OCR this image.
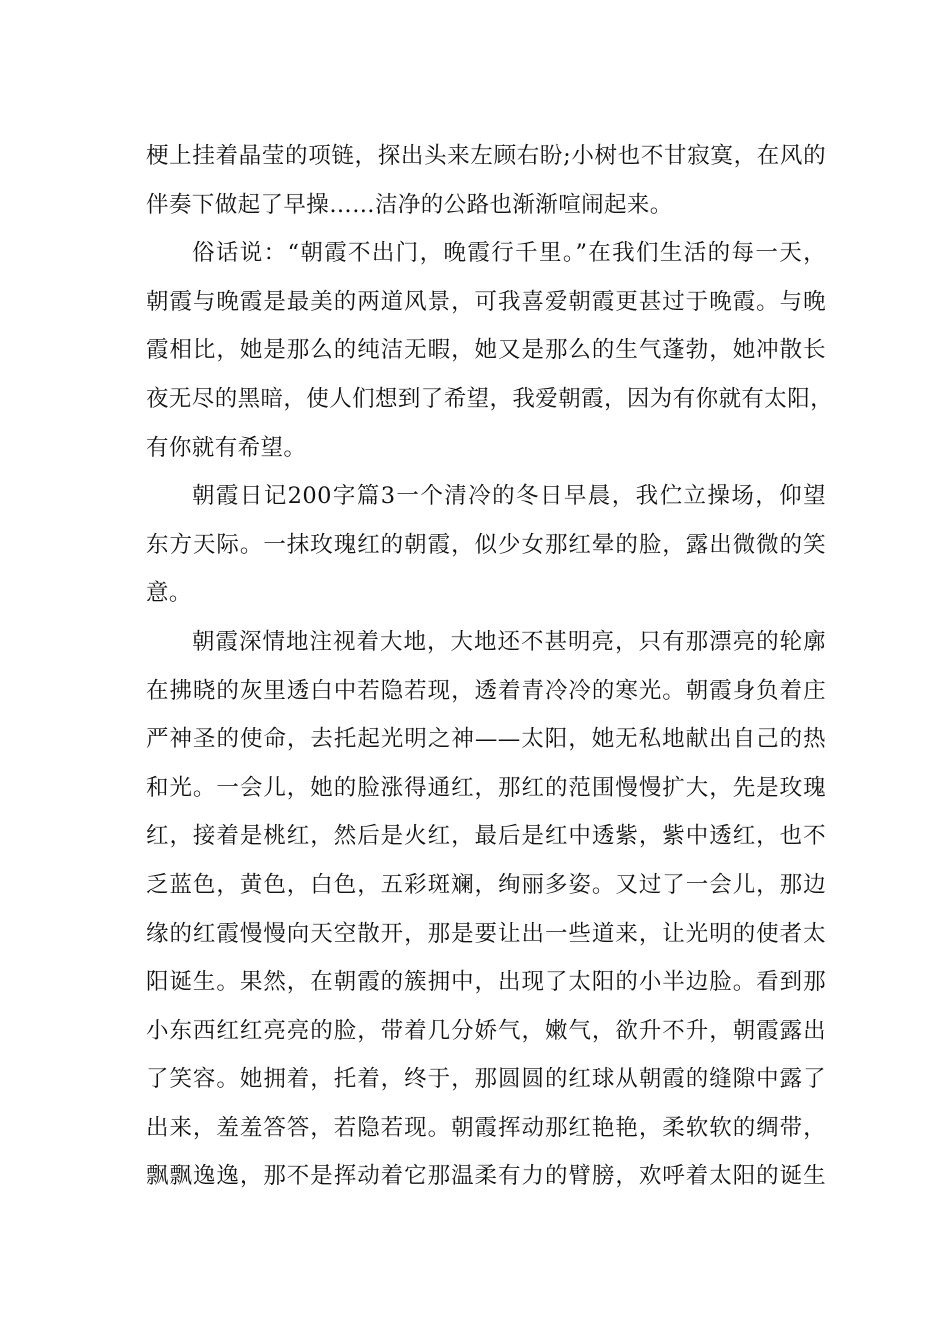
梗上挂着晶莹的项链，探出头来左顾右盼;小树也不甘寂寞，在风的
伴奏下做起了早操……洁净的公路也渐渐喧闹起来。
俗话说：“朝霞不出门，晚霞行千里。”在我们生活的每一天，
朝霞与晚霞是最美的两道风景，可我喜爱朝霞更甚过于晚霞。与晚
霞相比，她是那么的纯洁无暇，她又是那么的生气蓬勃，她冲散长
夜无尽的黑暗，使人们想到了希望，我爱朝霞，因为有你就有太阳，
有你就有希望。
朝霞日记200字篇3一个清冷的冬日早晨，我伫立操场，仰望
东方天际。一抹玫瑰红的朝霞，似少女那红晕的脸，露出微微的笑
意。
朝霞深情地注视着大地，大地还不甚明亮，只有那漂亮的轮廓
在拂晓的灰里透白中若隐若现，透着青冷冷的寒光。朝霞身负着庄
严神圣的使命，去托起光明之神——太阳，她无私地献出自己的热
和光。一会儿，她的脸涨得通红，那红的范围慢慢扩大，先是玫瑰
红，接着是桃红，然后是火红，最后是红中透紫，紫中透红，也不
乏蓝色，黄色，白色，五彩斑斓，绚丽多姿。又过了一会儿，那边
缘的红霞慢慢向天空散开，那是要让出一些道来，让光明的使者太
阳诞生。果然，在朝霞的簇拥中，出现了太阳的小半边脸。看到那
小东西红红亮亮的脸，带着几分娇气，嫩气，欲升不升，朝霞露出
了笑容。她拥着，托着，终于，那圆圆的红球从朝霞的缝隙中露了
出来，羞羞答答，若隐若现。朝霞挥动那红艳艳，柔软软的绸带，
飘飘逸逸，那不是挥动着它那温柔有力的臂膀，欢呼着太阳的诞生
